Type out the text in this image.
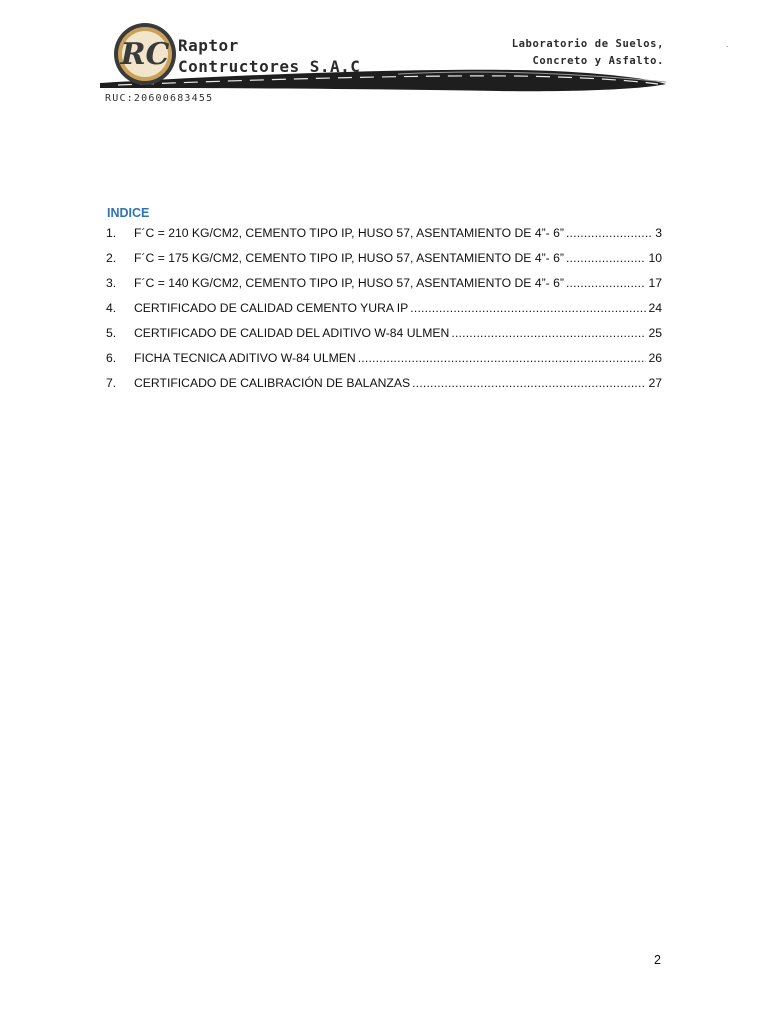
RC Raptor
Contructores S.A.C
Laboratorio de Suelos,
Concreto y Asfalto.
.
RUC:20600683455
INDICE
1.	F´C = 210 KG/CM2, CEMENTO TIPO IP, HUSO 57, ASENTAMIENTO DE 4”- 6” .....	3
2.	F´C = 175 KG/CM2, CEMENTO TIPO IP, HUSO 57, ASENTAMIENTO DE 4”- 6” .....	10
3.	F´C = 140 KG/CM2, CEMENTO TIPO IP, HUSO 57, ASENTAMIENTO DE 4”- 6” .....	17
4.	CERTIFICADO DE CALIDAD CEMENTO YURA IP .....	24
5.	CERTIFICADO DE CALIDAD DEL ADITIVO W-84 ULMEN .....	25
6.	FICHA TECNICA ADITIVO W-84 ULMEN .....	26
7.	CERTIFICADO DE CALIBRACIÓN DE BALANZAS .....	27
2
